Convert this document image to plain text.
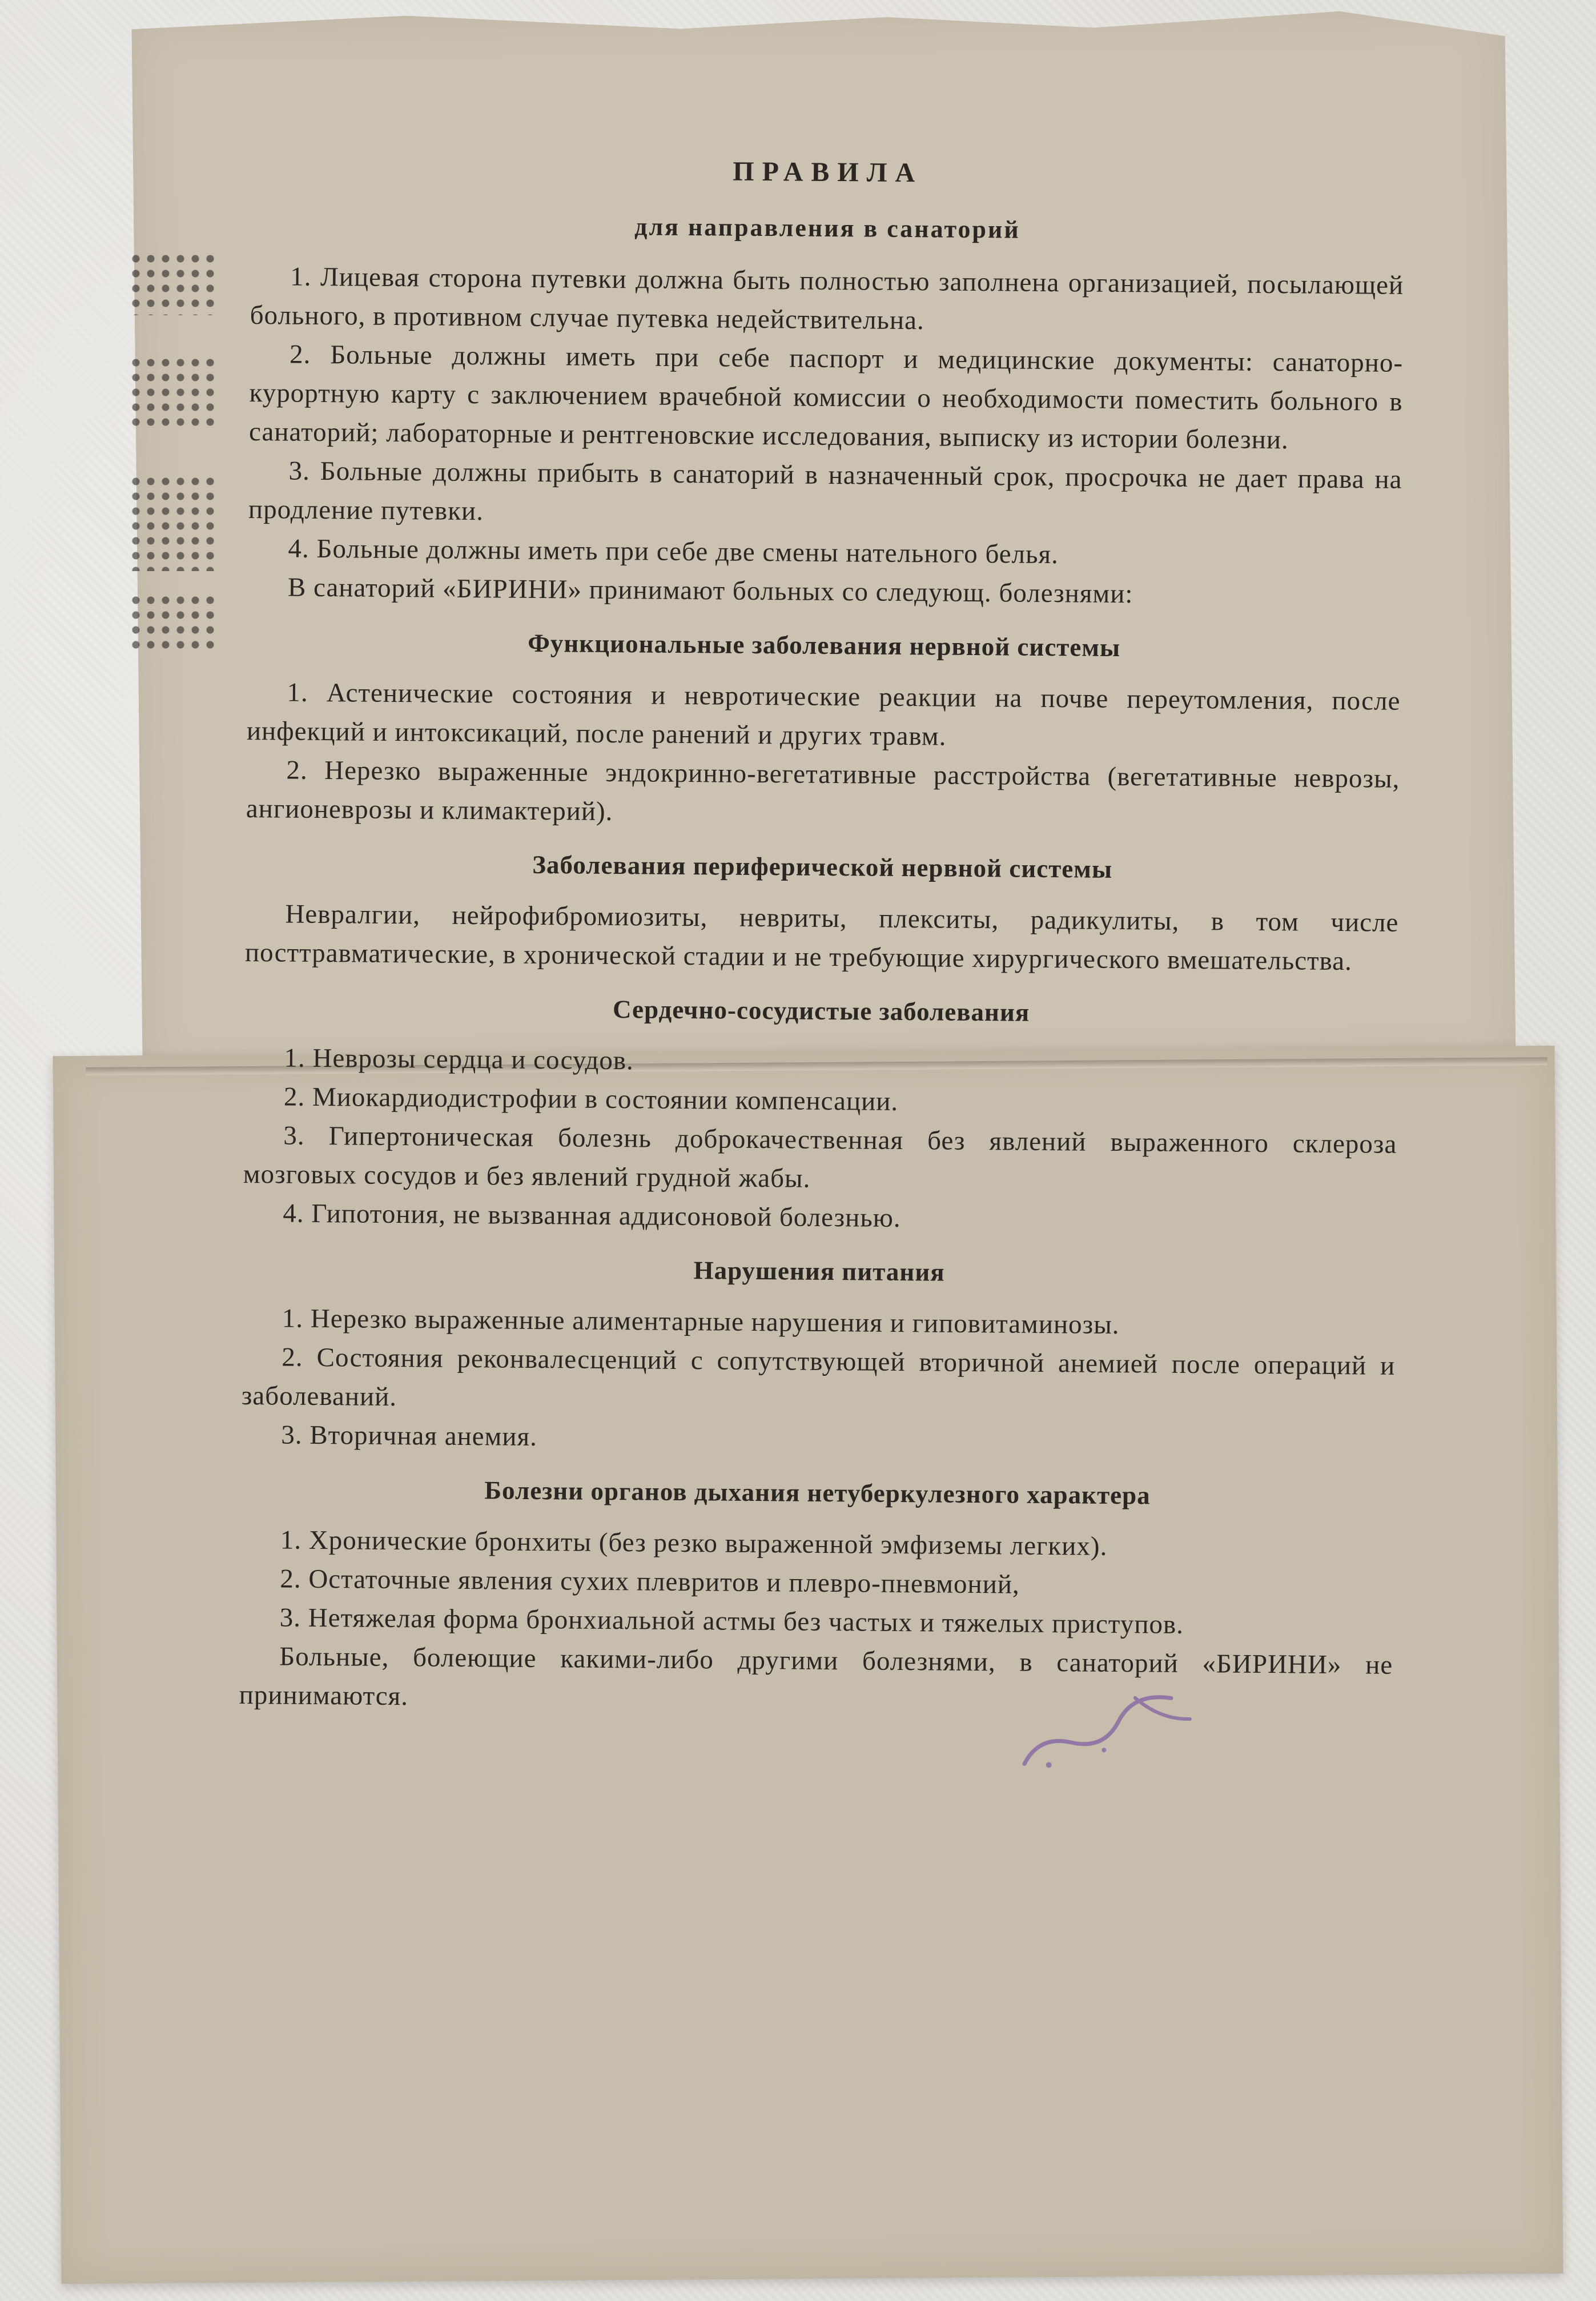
ПРАВИЛА
для направления в санаторий

1. Лицевая сторона путевки должна быть полностью заполнена организацией, посылающей больного, в противном случае путевка недействительна.

2. Больные должны иметь при себе паспорт и медицинские документы: санаторно-курортную карту с заключением врачебной комиссии о необходимости поместить больного в санаторий; лабораторные и рентгеновские исследования, выписку из истории болезни.

3. Больные должны прибыть в санаторий в назначенный срок, просрочка не дает права на продление путевки.

4. Больные должны иметь при себе две смены нательного белья.

В санаторий «БИРИНИ» принимают больных со следующ. болезнями:

Функциональные заболевания нервной системы

1. Астенические состояния и невротические реакции на почве переутомления, после инфекций и интоксикаций, после ранений и других травм.

2. Нерезко выраженные эндокринно-вегетативные расстройства (вегетативные неврозы, ангионеврозы и климактерий).

Заболевания периферической нервной системы

Невралгии, нейрофибромиозиты, невриты, плекситы, радикулиты, в том числе посттравматические, в хронической стадии и не требующие хирургического вмешательства.

Сердечно-сосудистые заболевания

1. Неврозы сердца и сосудов.

2. Миокардиодистрофии в состоянии компенсации.

3. Гипертоническая болезнь доброкачественная без явлений выраженного склероза мозговых сосудов и без явлений грудной жабы.

4. Гипотония, не вызванная аддисоновой болезнью.

Нарушения питания

1. Нерезко выраженные алиментарные нарушения и гиповитаминозы.

2. Состояния реконвалесценций с сопутствующей вторичной анемией после операций и заболеваний.

3. Вторичная анемия.

Болезни органов дыхания нетуберкулезного характера

1. Хронические бронхиты (без резко выраженной эмфиземы легких).

2. Остаточные явления сухих плевритов и плевро-пневмоний,

3. Нетяжелая форма бронхиальной астмы без частых и тяжелых приступов.

Больные, болеющие какими-либо другими болезнями, в санаторий «БИРИНИ» не принимаются.
